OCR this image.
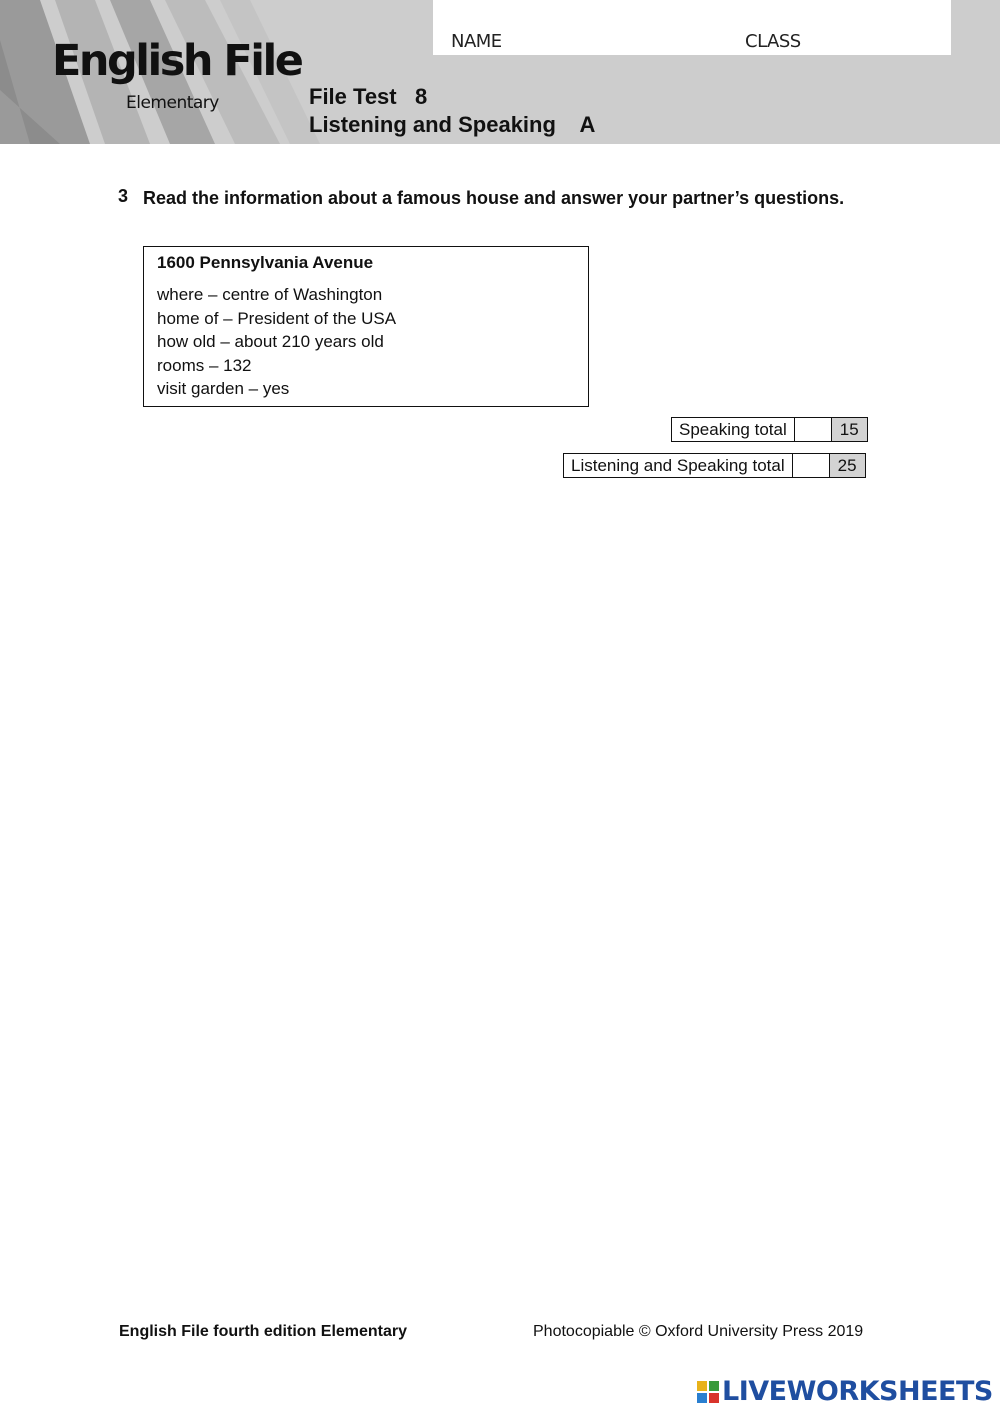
English File
Elementary
NAME	CLASS
File Test   8
Listening and Speaking    A
3 Read the information about a famous house and answer your partner’s questions.
1600 Pennsylvania Avenue
where – centre of Washington
home of – President of the USA
how old – about 210 years old
rooms – 132
visit garden – yes
Speaking total	15
Listening and Speaking total	25
English File fourth edition Elementary	Photocopiable © Oxford University Press 2019
LIVEWORKSHEETS
